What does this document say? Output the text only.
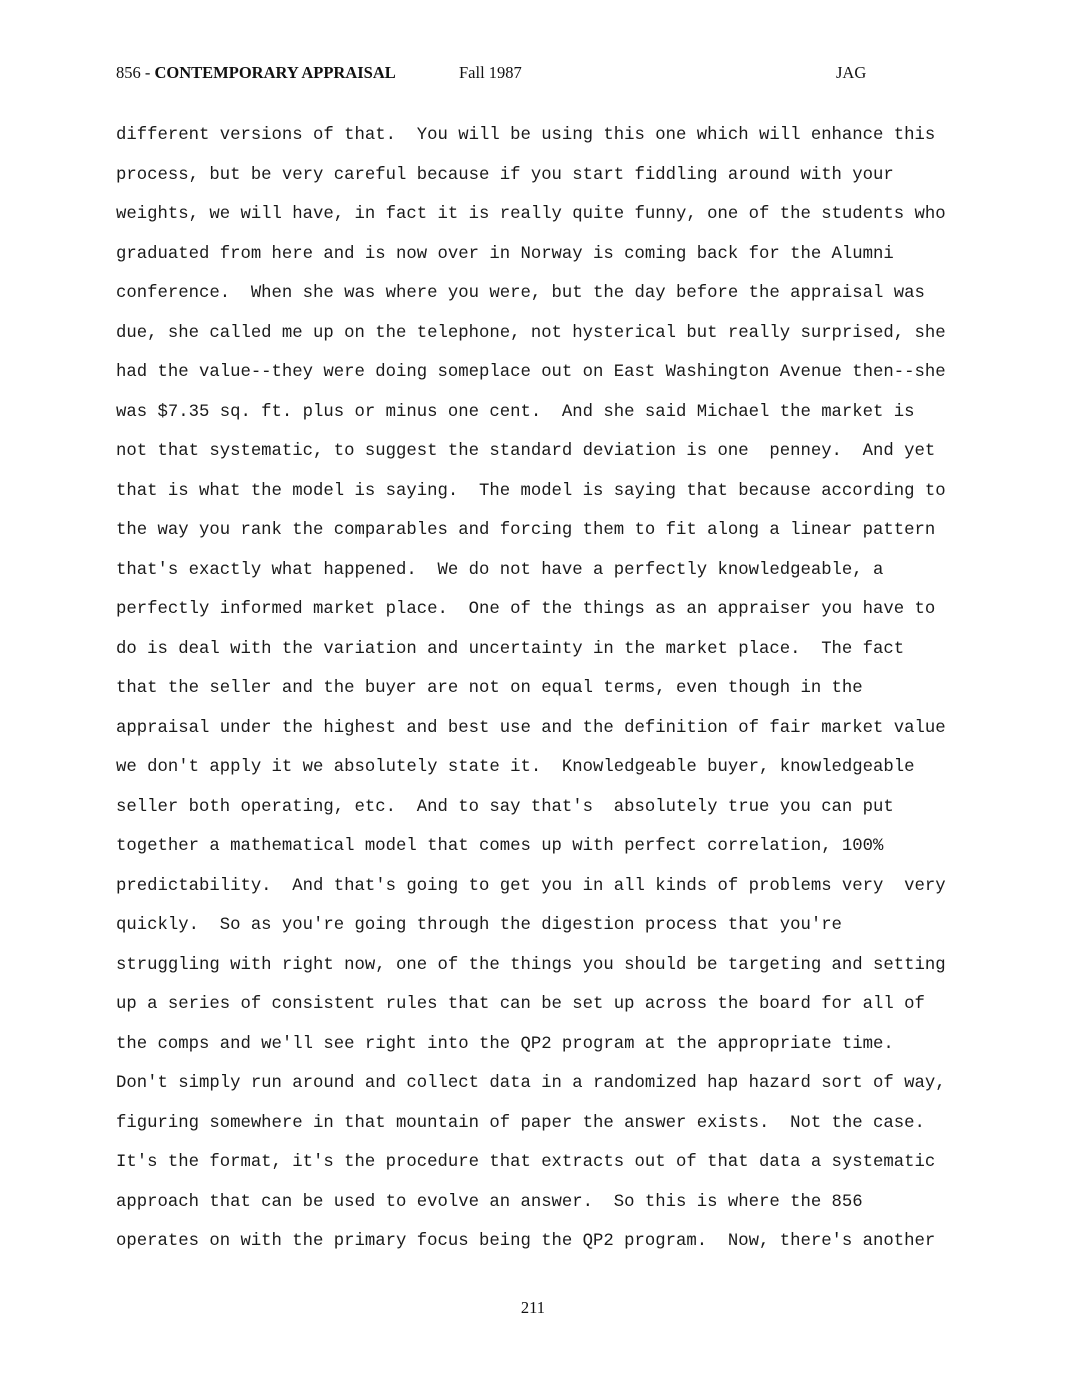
856 - CONTEMPORARY APPRAISAL	Fall 1987	JAG
different versions of that.  You will be using this one which will enhance this
process, but be very careful because if you start fiddling around with your
weights, we will have, in fact it is really quite funny, one of the students who
graduated from here and is now over in Norway is coming back for the Alumni
conference.  When she was where you were, but the day before the appraisal was
due, she called me up on the telephone, not hysterical but really surprised, she
had the value--they were doing someplace out on East Washington Avenue then--she
was $7.35 sq. ft. plus or minus one cent.  And she said Michael the market is
not that systematic, to suggest the standard deviation is one  penney.  And yet
that is what the model is saying.  The model is saying that because according to
the way you rank the comparables and forcing them to fit along a linear pattern
that's exactly what happened.  We do not have a perfectly knowledgeable, a
perfectly informed market place.  One of the things as an appraiser you have to
do is deal with the variation and uncertainty in the market place.  The fact
that the seller and the buyer are not on equal terms, even though in the
appraisal under the highest and best use and the definition of fair market value
we don't apply it we absolutely state it.  Knowledgeable buyer, knowledgeable
seller both operating, etc.  And to say that's  absolutely true you can put
together a mathematical model that comes up with perfect correlation, 100%
predictability.  And that's going to get you in all kinds of problems very  very
quickly.  So as you're going through the digestion process that you're
struggling with right now, one of the things you should be targeting and setting
up a series of consistent rules that can be set up across the board for all of
the comps and we'll see right into the QP2 program at the appropriate time.
Don't simply run around and collect data in a randomized hap hazard sort of way,
figuring somewhere in that mountain of paper the answer exists.  Not the case.
It's the format, it's the procedure that extracts out of that data a systematic
approach that can be used to evolve an answer.  So this is where the 856
operates on with the primary focus being the QP2 program.  Now, there's another
211
